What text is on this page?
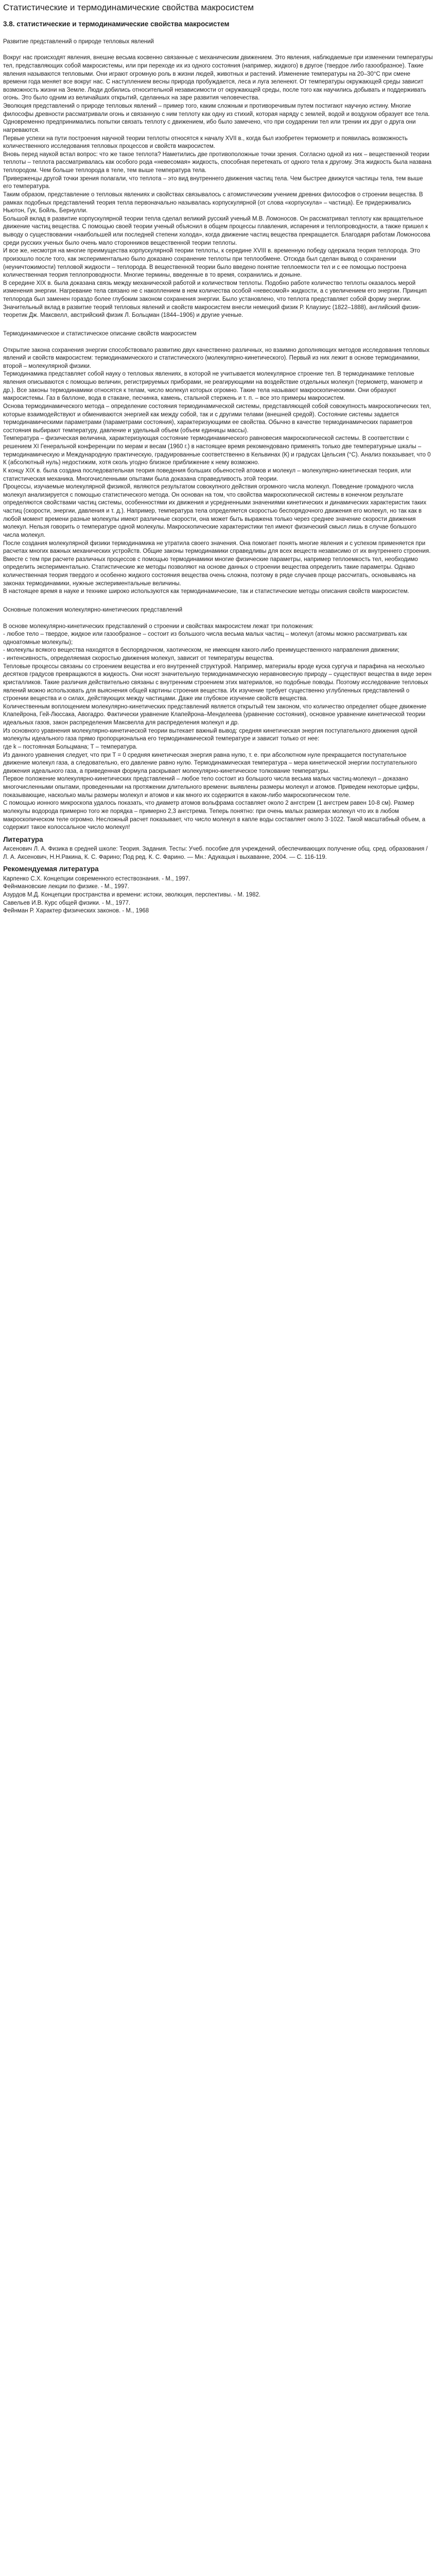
Статистические и термодинамические свойства макросистем
3.8. статистические и термодинамические свойства макросистем
Развитие представлений о природе тепловых явлений

Вокруг нас происходят явления, внешне весьма косвенно связанные с механическим движением. Это явления, наблюдаемые при изменении температуры тел, представляющих собой макросистемы, или при переходе их из одного состояния (например, жидкого) в другое (твердое либо газообразное). Такие явления называются тепловыми. Они играют огромную роль в жизни людей, животных и растений. Изменение температуры на 20–30°С при смене времени года меняет все вокруг нас. С наступлением весны природа пробуждается, леса и луга зеленеют. От температуры окружающей среды зависит возможность жизни на Земле. Люди добились относительной независимости от окружающей среды, после того как научились добывать и поддерживать огонь. Это было одним из величайших открытий, сделанных на заре развития человечества.

Эволюция представлений о природе тепловых явлений – пример того, каким сложным и противоречивым путем постигают научную истину. Многие философы древности рассматривали огонь и связанную с ним теплоту как одну из стихий, которая наряду с землей, водой и воздухом образует все тела. Одновременно предпринимались попытки связать теплоту с движением, ибо было замечено, что при соударении тел или трении их друг о друга они нагреваются.

Первые успехи на пути построения научной теории теплоты относятся к началу XVII в., когда был изобретен термометр и появилась возможность количественного исследования тепловых процессов и свойств макросистем.

Вновь перед наукой встал вопрос: что же такое теплота? Наметились две противоположные точки зрения. Согласно одной из них – вещественной теории теплоты – теплота рассматривалась как особого рода «невесомая» жидкость, способная перетекать от одного тела к другому. Эта жидкость была названа теплородом. Чем больше теплорода в теле, тем выше температура тела.

Приверженцы другой точки зрения полагали, что теплота – это вид внутреннего движения частиц тела. Чем быстрее движутся частицы тела, тем выше его температура.

Таким образом, представление о тепловых явлениях и свойствах связывалось с атомистическим учением древних философов о строении вещества. В рамках подобных представлений теория тепла первоначально называлась корпускулярной (от слова «корпускула» – частица). Ее придерживались Ньютон, Гук, Бойль, Бернулли.

Большой вклад в развитие корпускулярной теории тепла сделал великий русский ученый М.В. Ломоносов. Он рассматривал теплоту как вращательное движение частиц вещества. С помощью своей теории ученый объяснил в общем процессы плавления, испарения и теплопроводности, а также пришел к выводу о существовании «наибольшей или последней степени холода», когда движение частиц вещества прекращается. Благодаря работам Ломоносова среди русских ученых было очень мало сторонников вещественной теории теплоты.

И все же, несмотря на многие преимущества корпускулярной теории теплоты, к середине XVIII в. временную победу одержала теория теплорода. Это произошло после того, как экспериментально было доказано сохранение теплоты при теплообмене. Отсюда был сделан вывод о сохранении (неуничтожимости) тепловой жидкости – теплорода. В вещественной теории было введено понятие теплоемкости тел и с ее помощью построена количественная теория теплопроводности. Многие термины, введенные в то время, сохранились и доныне.

В середине XIX в. была доказана связь между механической работой и количеством теплоты. Подобно работе количество теплоты оказалось мерой изменения энергии. Нагревание тела связано не с накоплением в нем количества особой «невесомой» жидкости, а с увеличением его энергии. Принцип теплорода был заменен гораздо более глубоким законом сохранения энергии. Было установлено, что теплота представляет собой форму энергии.

Значительный вклад в развитие теорий тепловых явлений и свойств макросистем внесли немецкий физик Р. Клаузиус (1822–1888), английский физик-теоретик Дж. Максвелл, австрийский физик Л. Больцман (1844–1906) и другие ученые.

Термодинамическое и статистическое описание свойств макросистем

Открытие закона сохранения энергии способствовало развитию двух качественно различных, но взаимно дополняющих методов исследования тепловых явлений и свойств макросистем: термодинамического и статистического (молекулярно-кинетического). Первый из них лежит в основе термодинамики, второй – молекулярной физики.

Термодинамика представляет собой науку о тепловых явлениях, в которой не учитывается молекулярное строение тел. В термодинамике тепловые явления описываются с помощью величин, регистрируемых приборами, не реагирующими на воздействие отдельных молекул (термометр, манометр и др.). Все законы термодинамики относятся к телам, число молекул которых огромно. Такие тела называют макроскопическими. Они образуют макросистемы. Газ в баллоне, вода в стакане, песчинка, камень, стальной стержень и т. п. – все это примеры макросистем.

Основа термодинамического метода – определение состояния термодинамической системы, представляющей собой совокупность макроскопических тел, которые взаимодействуют и обмениваются энергией как между собой, так и с другими телами (внешней средой). Состояние системы задается термодинамическими параметрами (параметрами состояния), характеризующими ее свойства. Обычно в качестве термодинамических параметров состояния выбирают температуру, давление и удельный объем (объем единицы массы).

Температура – физическая величина, характеризующая состояние термодинамического равновесия макроскопической системы. В соответствии с решением XI Генеральной конференции по мерам и весам (1960 г.) в настоящее время рекомендовано применять только две температурные шкалы – термодинамическую и Международную практическую, градуированные соответственно в Кельвинах (К) и градусах Цельсия (°С). Анализ показывает, что 0 К (абсолютный нуль) недостижим, хотя сколь угодно близкое приближение к нему возможно.

К концу XIX в. была создана последовательная теория поведения больших обьеностей атомов и молекул – молекулярно-кинетическая теория, или статистическая механика. Многочисленными опытами была доказана справедливость этой теории.

Процессы, изучаемые молекулярной физикой, являются результатом совокупного действия огромного числа молекул. Поведение громадного числа молекул анализируется с помощью статистического метода. Он основан на том, что свойства макроскопической системы в конечном результате определяются свойствами частиц системы, особенностями их движения и усредненными значениями кинетических и динамических характеристик таких частиц (скорости, энергии, давления и т. д.). Например, температура тела определяется скоростью беспорядочного движения его молекул, но так как в любой момент времени разные молекулы имеют различные скорости, она может быть выражена только через среднее значение скорости движения молекул. Нельзя говорить о температуре одной молекулы. Макроскопические характеристики тел имеют физический смысл лишь в случае большого числа молекул.

После создания молекулярной физики термодинамика не утратила своего значения. Она помогает понять многие явления и с успехом применяется при расчетах многих важных механических устройств. Общие законы термодинамики справедливы для всех веществ независимо от их внутреннего строения. Вместе с тем при расчете различных процессов с помощью термодинамики многие физические параметры, например теплоемкость тел, необходимо определить экспериментально. Статистические же методы позволяют на основе данных о строении вещества определить такие параметры. Однако количественная теория твердого и особенно жидкого состояния вещества очень сложна, поэтому в ряде случаев проще рассчитать, основываясь на законах термодинамики, нужные экспериментальные величины.

В настоящее время в науке и технике широко используются как термодинамические, так и статистические методы описания свойств макросистем.

Основные положения молекулярно-кинетических представлений

В основе молекулярно-кинетических представлений о строении и свойствах макросистем лежат три положения:

- любое тело – твердое, жидкое или газообразное – состоит из большого числа весьма малых частиц – молекул (атомы можно рассматривать как одноатомные молекулы);

- молекулы всякого вещества находятся в беспорядочном, хаотическом, не имеющем какого-либо преимущественного направления движении;

- интенсивность, определяемая скоростью движения молекул, зависит от температуры вещества.

Тепловые процессы связаны со строением вещества и его внутренней структурой. Например, материалы вроде куска сургуча и парафина на несколько десятков градусов превращаются в жидкость. Они носят значительную термодинамическую неравновесную природу – существуют вещества в виде зерен кристалликов. Такие различия действительно связаны с внутренним строением этих материалов, но подобные поводы. Поэтому исследование тепловых явлений можно использовать для выяснения общей картины строения вещества. Их изучение требует существенно углубленных представлений о строении вещества и о силах, действующих между частицами. Даже им глубокое изучение свойств вещества.

Количественным воплощением молекулярно-кинетических представлений является открытый тем законом, что количество определяет общее движение Клапейрона, Гей-Люссака, Авогадро. Фактически уравнение Клапейрона–Менделеева (уравнение состояния), основное уравнение кинетической теории идеальных газов, закон распределения Максвелла для распределения молекул и др.

Из основного уравнения молекулярно-кинетической теории вытекает важный вывод: средняя кинетическая энергия поступательного движения одной молекулы идеального газа прямо пропорциональна его термодинамической температуре и зависит только от нее:

где k – постоянная Больцмана; Т – температура.

Из данного уравнения следует, что при Т = 0 средняя кинетическая энергия равна нулю, т. е. при абсолютном нуле прекращается поступательное движение молекул газа, а следовательно, его давление равно нулю. Термодинамическая температура – мера кинетической энергии поступательного движения идеального газа, а приведенная формула раскрывает молекулярно-кинетическое толкование температуры.

Первое положение молекулярно-кинетических представлений – любое тело состоит из большого числа весьма малых частиц-молекул – доказано многочисленными опытами, проведенными на протяжении длительного времени: выявлены размеры молекул и атомов. Приведем некоторые цифры, показывающие, насколько малы размеры молекул и атомов и как много их содержится в каком-либо макроскопическом теле.

С помощью ионного микроскопа удалось показать, что диаметр атомов вольфрама составляет около 2 ангстрем (1 ангстрем равен 10-8 см). Размер молекулы водорода примерно того же порядка – примерно 2,3 ангстрема. Теперь понятно: при очень малых размерах молекул что их в любом макроскопическом теле огромно. Несложный расчет показывает, что число молекул в капле воды составляет около 3·1022. Такой масштабный объем, а содержит такое колоссальное число молекул!

Литература

Аксенович Л. А. Физика в средней школе: Теория. Задания. Тесты: Учеб. пособие для учреждений, обеспечивающих получение общ. сред. образования / Л. А. Аксенович, Н.Н.Ракина, К. С. Фарино; Под ред. К. С. Фарино. — Мн.: Адукацыя і выхаванне, 2004. — С. 116-119.

Рекомендуемая литература

Карпенко С.Х. Концепции современного естествознания. - М., 1997.

Фейнмановские лекции по физике. - М., 1997.

Азурдов М.Д. Концепции пространства и времени: истоки, эволюция, перспективы. - М. 1982.

Савельев И.В. Курс общей физики. - М., 1977.

Фейнман Р. Характер физических законов. - М., 1968
